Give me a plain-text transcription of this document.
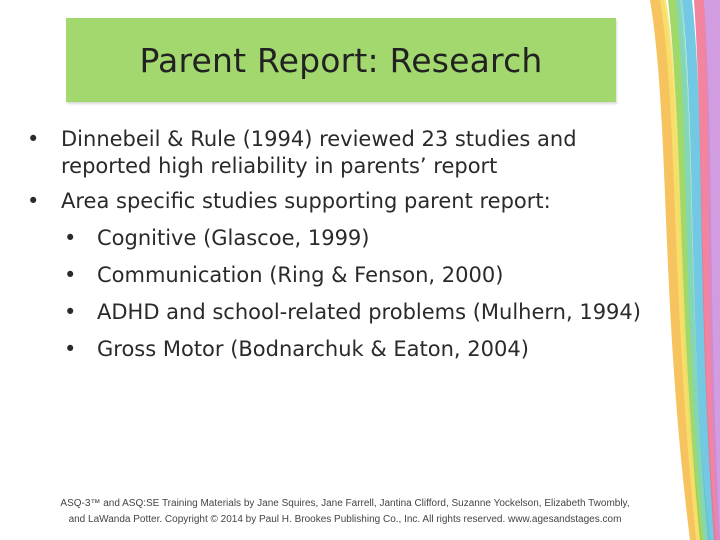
Parent Report: Research
• Dinnebeil & Rule (1994) reviewed 23 studies and reported high reliability in parents’ report
• Area specific studies supporting parent report:
• Cognitive (Glascoe, 1999)
• Communication (Ring & Fenson, 2000)
• ADHD and school-related problems (Mulhern, 1994)
• Gross Motor (Bodnarchuk & Eaton, 2004)
ASQ-3™ and ASQ:SE Training Materials by Jane Squires, Jane Farrell, Jantina Clifford, Suzanne Yockelson, Elizabeth Twombly,
and LaWanda Potter. Copyright © 2014 by Paul H. Brookes Publishing Co., Inc. All rights reserved. www.agesandstages.com
